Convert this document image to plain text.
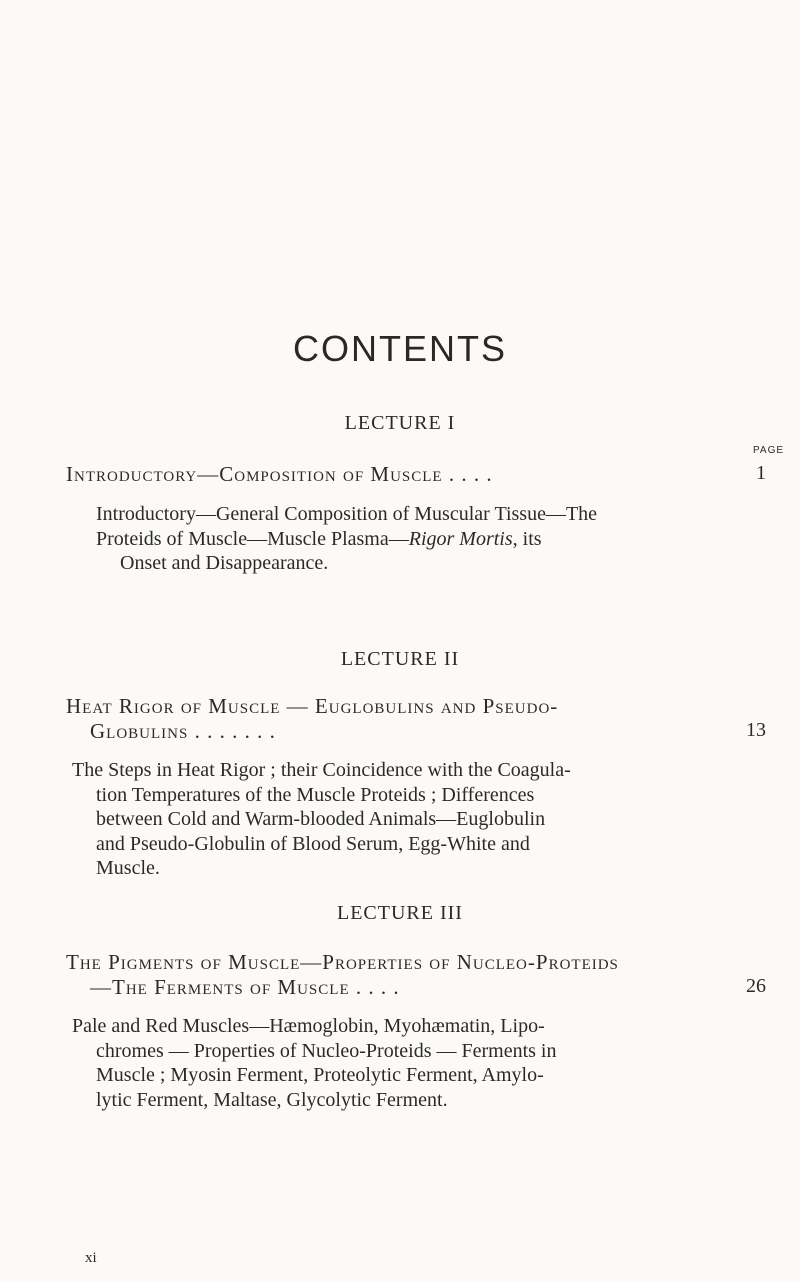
CONTENTS
LECTURE I
PAGE
Introductory—Composition of Muscle . . . .	1
Introductory—General Composition of Muscular Tissue—The
Proteids of Muscle—Muscle Plasma—Rigor Mortis, its
Onset and Disappearance.
LECTURE II
Heat Rigor of Muscle — Euglobulins and Pseudo-
Globulins . . . . . . .	13
The Steps in Heat Rigor ; their Coincidence with the Coagula-
tion Temperatures of the Muscle Proteids ; Differences
between Cold and Warm-blooded Animals—Euglobulin
and Pseudo-Globulin of Blood Serum, Egg-White and
Muscle.
LECTURE III
The Pigments of Muscle—Properties of Nucleo-Proteids
—The Ferments of Muscle . . . .	26
Pale and Red Muscles—Hæmoglobin, Myohæmatin, Lipo-
chromes — Properties of Nucleo-Proteids — Ferments in
Muscle ; Myosin Ferment, Proteolytic Ferment, Amylo-
lytic Ferment, Maltase, Glycolytic Ferment.
xi
